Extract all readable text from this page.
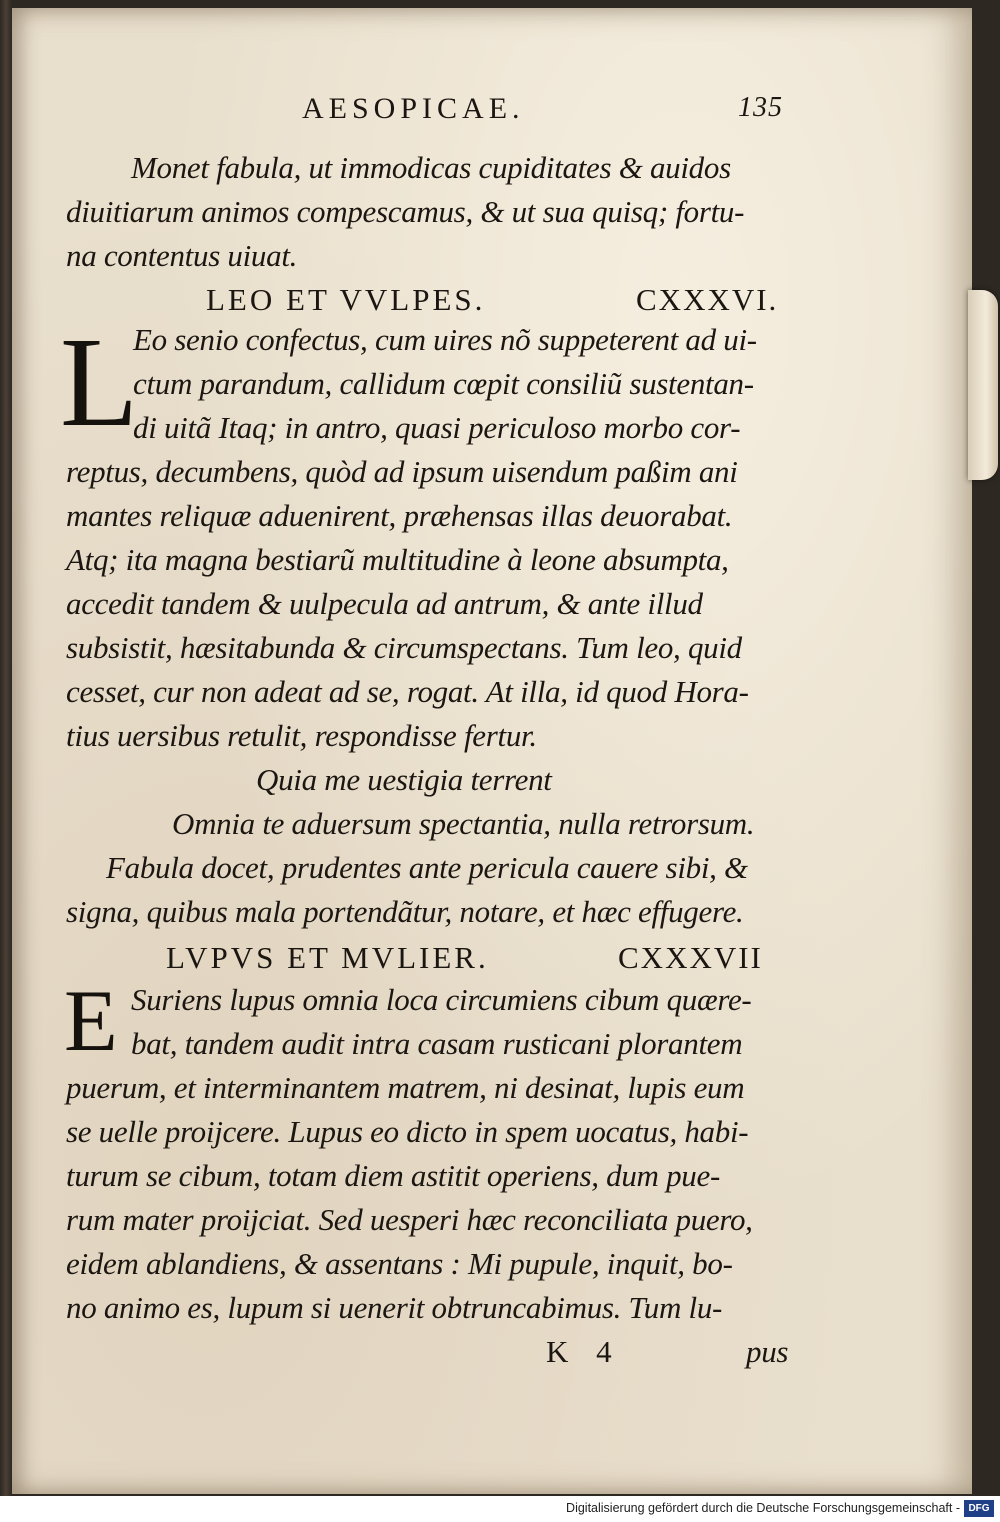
AESOPICAE.	135
Monet fabula, ut immodicas cupiditates & auidos
diuitiarum animos compescamus, & ut sua quisq; fortu-
na contentus uiuat.
LEO ET VVLPES.	CXXXVI.
L
Eo senio confectus, cum uires nõ suppeterent ad ui-
ctum parandum, callidum cœpit consiliũ sustentan-
di uitã Itaq; in antro, quasi periculoso morbo cor-
reptus, decumbens, quòd ad ipsum uisendum paßim ani
mantes reliquæ aduenirent, præhensas illas deuorabat.
Atq; ita magna bestiarũ multitudine à leone absumpta,
accedit tandem & uulpecula ad antrum, & ante illud
subsistit, hæsitabunda & circumspectans. Tum leo, quid
cesset, cur non adeat ad se, rogat. At illa, id quod Hora-
tius uersibus retulit, respondisse fertur.
Quia me uestigia terrent
Omnia te aduersum spectantia, nulla retrorsum.
Fabula docet, prudentes ante pericula cauere sibi, &
signa, quibus mala portendãtur, notare, et hæc effugere.
LVPVS ET MVLIER.	CXXXVII
E Suriens lupus omnia loca circumiens cibum quære-
bat, tandem audit intra casam rusticani plorantem
puerum, et interminantem matrem, ni desinat, lupis eum
se uelle proijcere. Lupus eo dicto in spem uocatus, habi-
turum se cibum, totam diem astitit operiens, dum pue-
rum mater proijciat. Sed uesperi hæc reconciliata puero,
eidem ablandiens, & assentans : Mi pupule, inquit, bo-
no animo es, lupum si uenerit obtruncabimus. Tum lu-
K 4	pus
Digitalisierung gefördert durch die Deutsche Forschungsgemeinschaft - DFG
